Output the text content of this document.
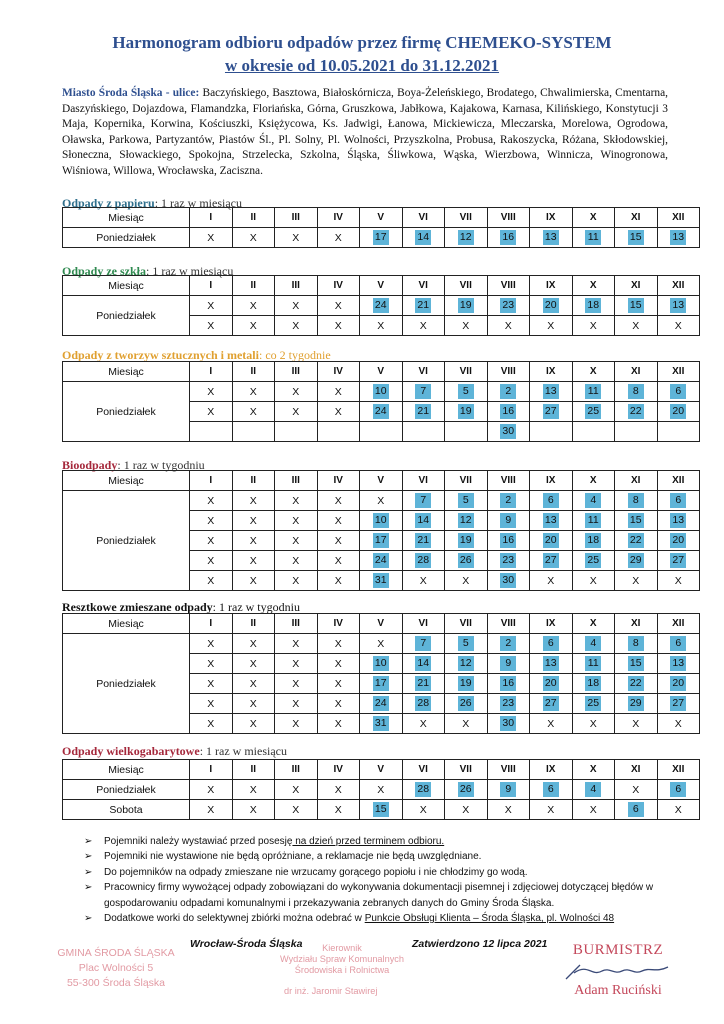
Harmonogram odbioru odpadów przez firmę CHEMEKO-SYSTEM
w okresie od 10.05.2021 do 31.12.2021
Miasto Środa Śląska - ulice: Baczyńskiego, Basztowa, Białoskórnicza, Boya-Żeleńskiego, Brodatego, Chwalimierska, Cmentarna, Daszyńskiego, Dojazdowa, Flamandzka, Floriańska, Górna, Gruszkowa, Jabłkowa, Kajakowa, Karnasa, Kilińskiego, Konstytucji 3 Maja, Kopernika, Korwina, Kościuszki, Księżycowa, Ks. Jadwigi, Łanowa, Mickiewicza, Mleczarska, Morelowa, Ogrodowa, Oławska, Parkowa, Partyzantów, Piastów Śl., Pl. Solny, Pl. Wolności, Przyszkolna, Probusa, Rakoszycka, Różana, Skłodowskiej, Słoneczna, Słowackiego, Spokojna, Strzelecka, Szkolna, Śląska, Śliwkowa, Wąska, Wierzbowa, Winnicza, Winogronowa, Wiśniowa, Willowa, Wrocławska, Zaciszna.
Odpady z papieru: 1 raz w miesiącu
Miesiąc	I	II	III	IV	V	VI	VII	VIII	IX	X	XI	XII
Poniedziałek	X	X	X	X	17	14	12	16	13	11	15	13
Odpady ze szkła: 1 raz w miesiącu
Miesiąc	I	II	III	IV	V	VI	VII	VIII	IX	X	XI	XII
Poniedziałek	X	X	X	X	24	21	19	23	20	18	15	13
	X	X	X	X	X	X	X	X	X	X	X	X
Odpady z tworzyw sztucznych i metali: co 2 tygodnie
Miesiąc	I	II	III	IV	V	VI	VII	VIII	IX	X	XI	XII
Poniedziałek	X	X	X	X	10	7	5	2	13	11	8	6
	X	X	X	X	24	21	19	16	27	25	22	20
								30				
Bioodpady: 1 raz w tygodniu
Miesiąc	I	II	III	IV	V	VI	VII	VIII	IX	X	XI	XII
Poniedziałek	X	X	X	X	X	7	5	2	6	4	8	6
	X	X	X	X	10	14	12	9	13	11	15	13
	X	X	X	X	17	21	19	16	20	18	22	20
	X	X	X	X	24	28	26	23	27	25	29	27
	X	X	X	X	31	X	X	30	X	X	X	X
Resztkowe zmieszane odpady: 1 raz w tygodniu
Miesiąc	I	II	III	IV	V	VI	VII	VIII	IX	X	XI	XII
Poniedziałek	X	X	X	X	X	7	5	2	6	4	8	6
	X	X	X	X	10	14	12	9	13	11	15	13
	X	X	X	X	17	21	19	16	20	18	22	20
	X	X	X	X	24	28	26	23	27	25	29	27
	X	X	X	X	31	X	X	30	X	X	X	X
Odpady wielkogabarytowe: 1 raz w miesiącu
Miesiąc	I	II	III	IV	V	VI	VII	VIII	IX	X	XI	XII
Poniedziałek	X	X	X	X	X	28	26	9	6	4	X	6
Sobota	X	X	X	X	15	X	X	X	X	X	6	X
➢ Pojemniki należy wystawiać przed posesję na dzień przed terminem odbioru.
➢ Pojemniki nie wystawione nie będą opróżniane, a reklamacje nie będą uwzględniane.
➢ Do pojemników na odpady zmieszane nie wrzucamy gorącego popiołu i nie chłodzimy go wodą.
➢ Pracownicy firmy wywożącej odpady zobowiązani do wykonywania dokumentacji pisemnej i zdjęciowej dotyczącej błędów w gospodarowaniu odpadami komunalnymi i przekazywania zebranych danych do Gminy Środa Śląska.
➢ Dodatkowe worki do selektywnej zbiórki można odebrać w Punkcie Obsługi Klienta – Środa Śląska, pl. Wolności 48
GMINA ŚRODA ŚLĄSKA
Plac Wolności 5
55-300 Środa Śląska
Wrocław-Środa Śląska	Kierownik
Wydziału Spraw Komunalnych
Środowiska i Rolnictwa
dr inż. Jaromir Stawirej
Zatwierdzono 12 lipca 2021	BURMISTRZ
Adam Ruciński
